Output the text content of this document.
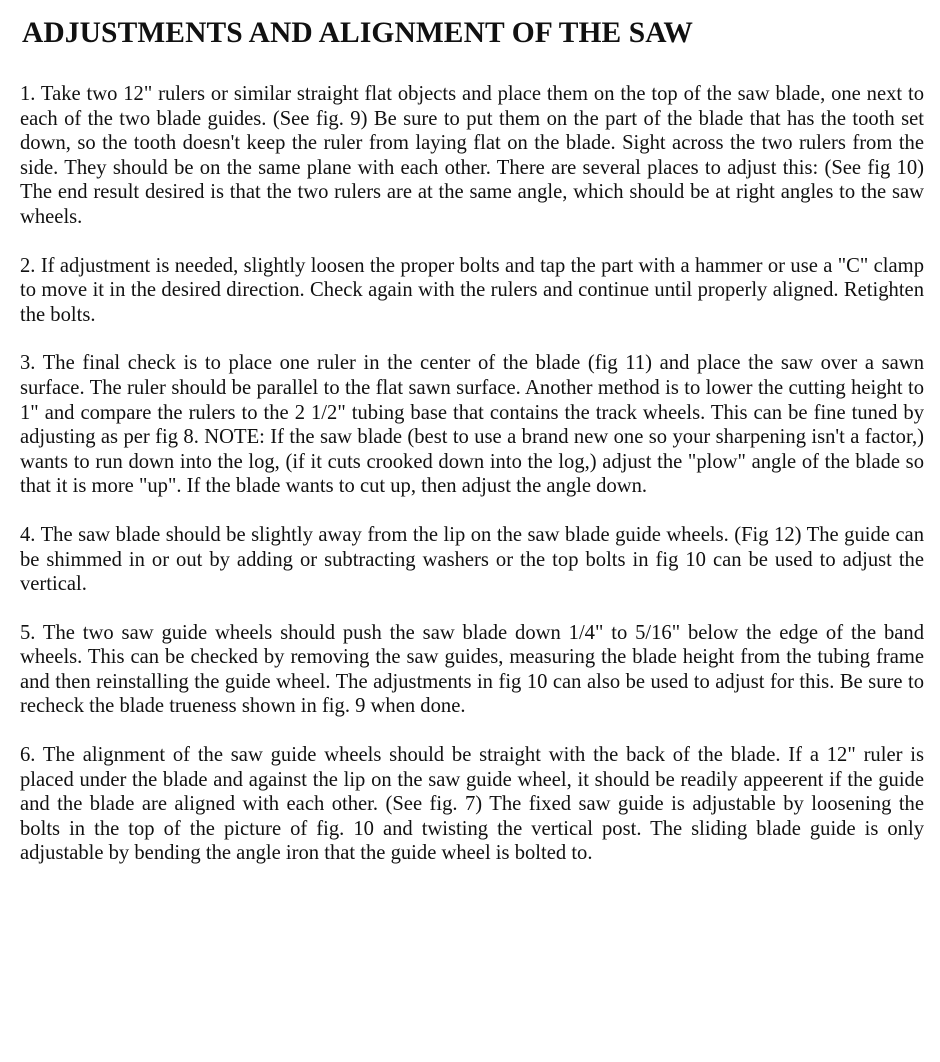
ADJUSTMENTS AND ALIGNMENT OF THE SAW

1. Take two 12" rulers or similar straight flat objects and place them on the top of the saw blade, one next to each of the two blade guides. (See fig. 9) Be sure to put them on the part of the blade that has the tooth set down, so the tooth doesn't keep the ruler from laying flat on the blade. Sight across the two rulers from the side. They should be on the same plane with each other. There are several places to adjust this: (See fig 10) The end result desired is that the two rulers are at the same angle, which should be at right angles to the saw wheels.

2. If adjustment is needed, slightly loosen the proper bolts and tap the part with a hammer or use a "C" clamp to move it in the desired direction. Check again with the rulers and continue until properly aligned. Retighten the bolts.

3. The final check is to place one ruler in the center of the blade (fig 11) and place the saw over a sawn surface. The ruler should be parallel to the flat sawn surface. Another method is to lower the cutting height to 1" and compare the rulers to the 2 1/2" tubing base that contains the track wheels. This can be fine tuned by adjusting as per fig 8. NOTE: If the saw blade (best to use a brand new one so your sharpening isn't a factor,) wants to run down into the log, (if it cuts crooked down into the log,) adjust the "plow" angle of the blade so that it is more "up". If the blade wants to cut up, then adjust the angle down.

4. The saw blade should be slightly away from the lip on the saw blade guide wheels. (Fig 12) The guide can be shimmed in or out by adding or subtracting washers or the top bolts in fig 10 can be used to adjust the vertical.

5. The two saw guide wheels should push the saw blade down 1/4" to 5/16" below the edge of the band wheels. This can be checked by removing the saw guides, measuring the blade height from the tubing frame and then reinstalling the guide wheel. The adjustments in fig 10 can also be used to adjust for this. Be sure to recheck the blade trueness shown in fig. 9 when done.

6. The alignment of the saw guide wheels should be straight with the back of the blade. If a 12" ruler is placed under the blade and against the lip on the saw guide wheel, it should be readily appeerent if the guide and the blade are aligned with each other. (See fig. 7) The fixed saw guide is adjustable by loosening the bolts in the top of the picture of fig. 10 and twisting the vertical post. The sliding blade guide is only adjustable by bending the angle iron that the guide wheel is bolted to.
